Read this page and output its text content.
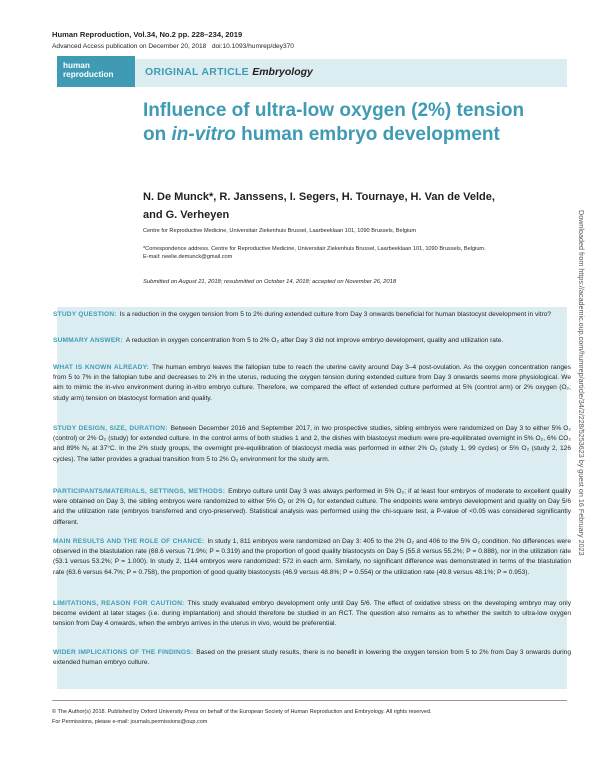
Human Reproduction, Vol.34, No.2 pp. 228–234, 2019
Advanced Access publication on December 20, 2018 doi:10.1093/humrep/dey370
human
reproduction	ORIGINAL ARTICLE Embryology
Influence of ultra-low oxygen (2%) tension on in-vitro human embryo development
N. De Munck*, R. Janssens, I. Segers, H. Tournaye, H. Van de Velde,
and G. Verheyen
Centre for Reproductive Medicine, Universitair Ziekenhuis Brussel, Laarbeeklaan 101, 1090 Brussels, Belgium
*Correspondence address. Centre for Reproductive Medicine, Universitair Ziekenhuis Brussel, Laarbeeklaan 101, 1090 Brussels, Belgium.
E-mail: neelie.demunck@gmail.com
Submitted on August 21, 2018; resubmitted on October 14, 2018; accepted on November 26, 2018

STUDY QUESTION: Is a reduction in the oxygen tension from 5 to 2% during extended culture from Day 3 onwards beneficial for human blastocyst development in vitro?

SUMMARY ANSWER: A reduction in oxygen concentration from 5 to 2% O₂ after Day 3 did not improve embryo development, quality and utilization rate.

WHAT IS KNOWN ALREADY: The human embryo leaves the fallopian tube to reach the uterine cavity around Day 3–4 post-ovulation. As the oxygen concentration ranges from 5 to 7% in the fallopian tube and decreases to 2% in the uterus, reducing the oxygen tension during extended culture from Day 3 onwards seems more physiological. We aim to mimic the in-vivo environment during in-vitro embryo culture. Therefore, we compared the effect of extended culture performed at 5% (control arm) or 2% oxygen (O₂; study arm) tension on blastocyst formation and quality.

STUDY DESIGN, SIZE, DURATION: Between December 2016 and September 2017, in two prospective studies, sibling embryos were randomized on Day 3 to either 5% O₂ (control) or 2% O₂ (study) for extended culture. In the control arms of both studies 1 and 2, the dishes with blastocyst medium were pre-equilibrated overnight in 5% O₂, 6% CO₂ and 89% N₂ at 37°C. In the 2% study groups, the overnight pre-equilibration of blastocyst media was performed in either 2% O₂ (study 1, 99 cycles) or 5% O₂ (study 2, 126 cycles). The latter provides a gradual transition from 5 to 2% O₂ environment for the study arm.

PARTICIPANTS/MATERIALS, SETTINGS, METHODS: Embryo culture until Day 3 was always performed in 5% O₂; if at least four embryos of moderate to excellent quality were obtained on Day 3, the sibling embryos were randomized to either 5% O₂ or 2% O₂ for extended culture. The endpoints were embryo development and quality on Day 5/6 and the utilization rate (embryos transferred and cryo-preserved). Statistical analysis was performed using the chi-square test, a P-value of <0.05 was considered significantly different.

MAIN RESULTS AND THE ROLE OF CHANCE: In study 1, 811 embryos were randomized on Day 3: 405 to the 2% O₂ and 406 to the 5% O₂ condition. No differences were observed in the blastulation rate (68.6 versus 71.9%; P = 0.319) and the proportion of good quality blastocysts on Day 5 (55.8 versus 55.2%; P = 0.888), nor in the utilization rate (53.1 versus 53.2%; P = 1.000). In study 2, 1144 embryos were randomized: 572 in each arm. Similarly, no significant difference was demonstrated in terms of the blastulation rate (63.6 versus 64.7%; P = 0.758), the proportion of good quality blastocysts (46.9 versus 48.8%; P = 0.554) or the utilization rate (49.8 versus 48.1%; P = 0.953).

LIMITATIONS, REASON FOR CAUTION: This study evaluated embryo development only until Day 5/6. The effect of oxidative stress on the developing embryo may only become evident at later stages (i.e. during implantation) and should therefore be studied in an RCT. The question also remains as to whether the switch to ultra-low oxygen tension from Day 4 onwards, when the embryo arrives in the uterus in vivo, would be preferential.

WIDER IMPLICATIONS OF THE FINDINGS: Based on the present study results, there is no benefit in lowering the oxygen tension from 5 to 2% from Day 3 onwards during extended human embryo culture.

© The Author(s) 2018. Published by Oxford University Press on behalf of the European Society of Human Reproduction and Embryology. All rights reserved.
For Permissions, please e-mail: journals.permissions@oup.com
Downloaded from https://academic.oup.com/humrep/article/34/2/228/5253623 by guest on 16 February 2023
